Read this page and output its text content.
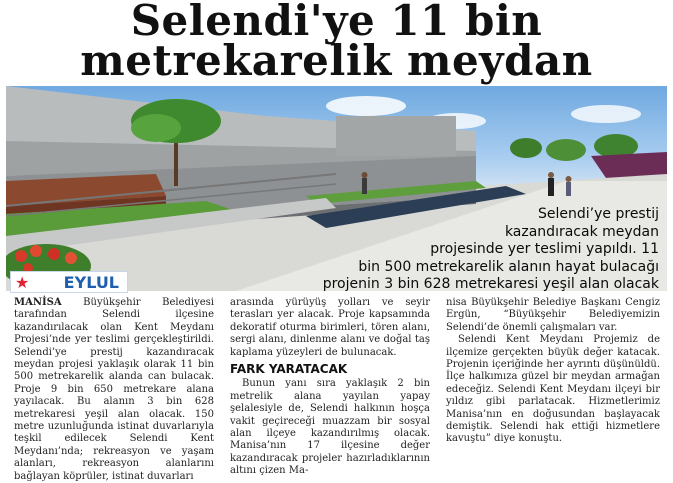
Selendi'ye 11 bin
metrekarelik meydan
Selendi’ye prestij
kazandıracak meydan
projesinde yer teslimi yapıldı. 11
bin 500 metrekarelik alanın hayat bulacağı
projenin 3 bin 628 metrekaresi yeşil alan olacak
★ EYLUL

MANİSA Büyükşehir Belediyesi tarafından Selendi ilçesine kazandırılacak olan Kent Meydanı Projesi’nde yer teslimi gerçekleştirildi. Selendi’ye prestij kazandıracak meydan projesi yaklaşık olarak 11 bin 500 metrekarelik alanda can bulacak. Proje 9 bin 650 metrekare alana yayılacak. Bu alanın 3 bin 628 metrekaresi yeşil alan olacak. 150 metre uzunluğunda istinat duvarlarıyla teşkil edilecek Selendi Kent Meydanı’nda; rekreasyon ve yaşam alanları, rekreasyon alanlarını bağlayan köprüler, istinat duvarları

arasında yürüyüş yolları ve seyir terasları yer alacak. Proje kapsamında dekoratif oturma birimleri, tören alanı, sergi alanı, dinlenme alanı ve doğal taş kaplama yüzeyleri de bulunacak.

FARK YARATACAK

Bunun yanı sıra yaklaşık 2 bin metrelik alana yayılan yapay şelalesiyle de, Selendi halkının hoşça vakit geçireceği muazzam bir sosyal alan ilçeye kazandırılmış olacak. Manisa’nın 17 ilçesine değer kazandıracak projeler hazırladıklarının altını çizen Ma-

nisa Büyükşehir Belediye Başkanı Cengiz Ergün, “Büyükşehir Belediyemizin Selendi’de önemli çalışmaları var.

Selendi Kent Meydanı Projemiz de ilçemize gerçekten büyük değer katacak. Projenin içeriğinde her ayrıntı düşünüldü. İlçe halkımıza güzel bir meydan armağan edeceğiz. Selendi Kent Meydanı ilçeyi bir yıldız gibi parlatacak. Hizmetlerimiz Manisa’nın en doğusundan başlayacak demiştik. Selendi hak ettiği hizmetlere kavuştu” diye konuştu.
